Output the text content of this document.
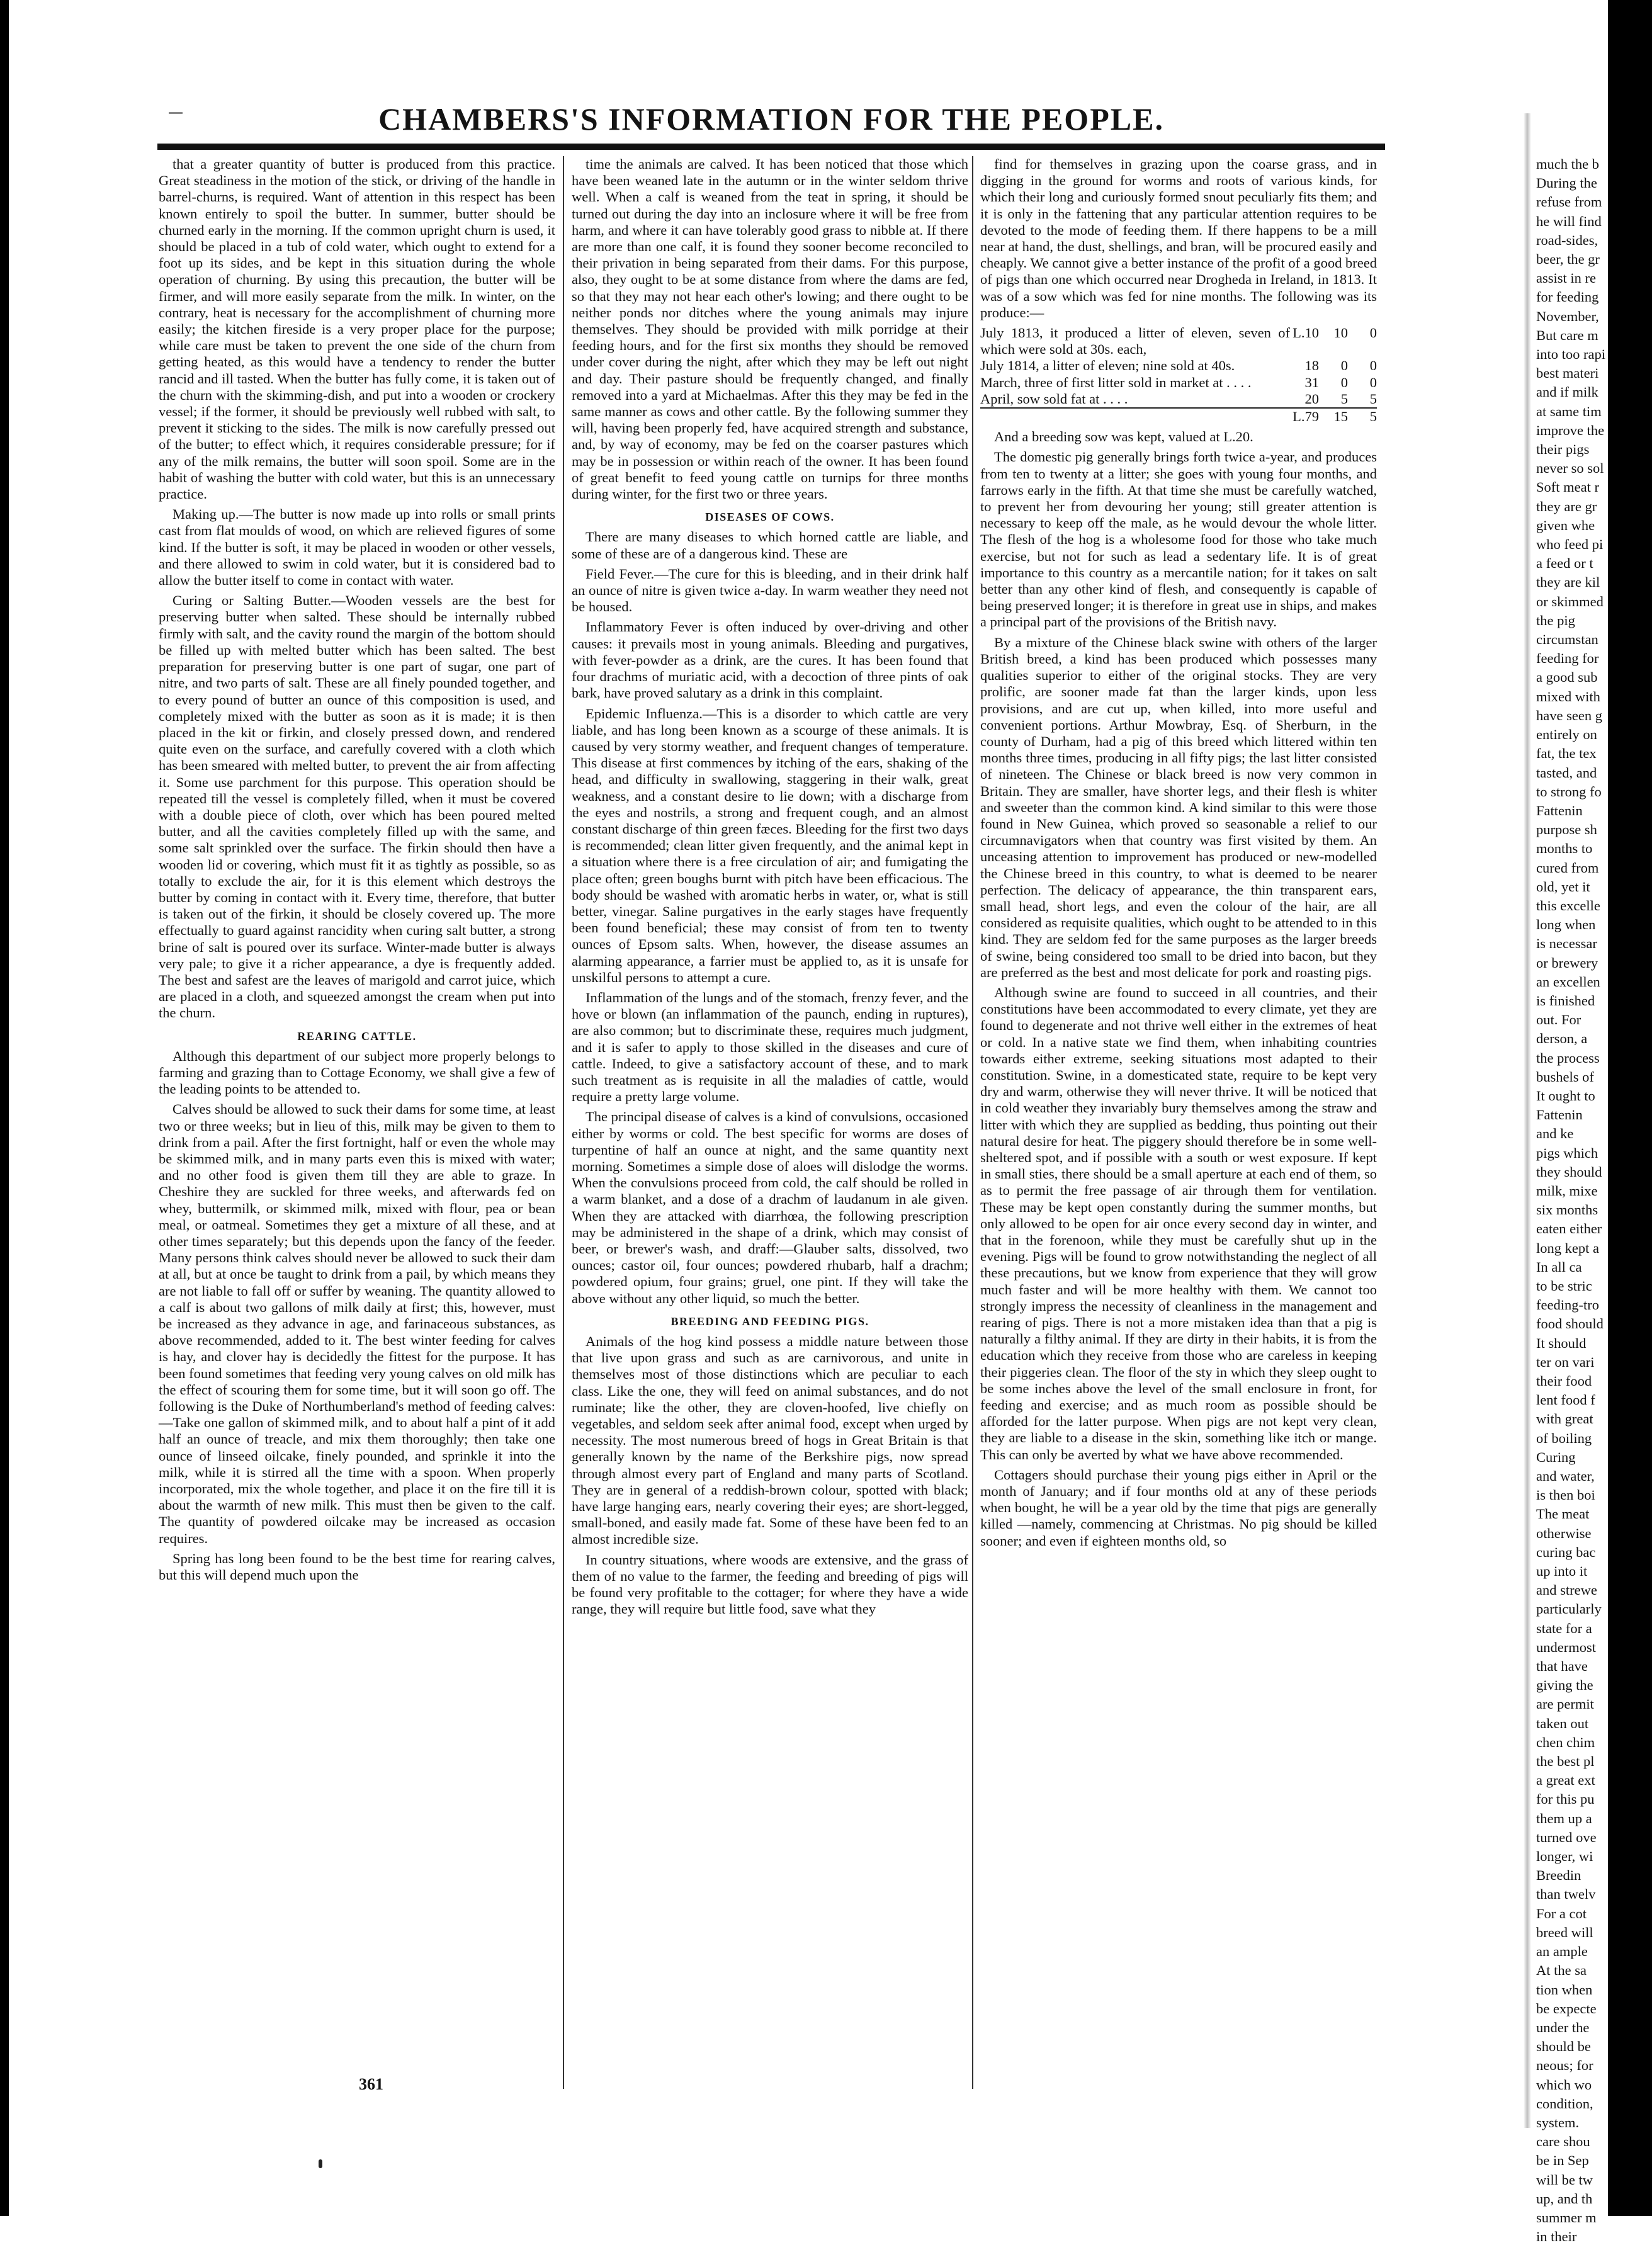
CHAMBERS'S INFORMATION FOR THE PEOPLE.

that a greater quantity of butter is produced from this practice. Great steadiness in the motion of the stick, or driving of the handle in barrel-churns, is required. Want of attention in this respect has been known entirely to spoil the butter. In summer, butter should be churned early in the morning. If the common upright churn is used, it should be placed in a tub of cold water, which ought to extend for a foot up its sides, and be kept in this situation during the whole operation of churning. By using this precaution, the butter will be firmer, and will more easily separate from the milk. In winter, on the contrary, heat is necessary for the accomplishment of churning more easily; the kitchen fireside is a very proper place for the purpose; while care must be taken to prevent the one side of the churn from getting heated, as this would have a tendency to render the butter rancid and ill tasted. When the butter has fully come, it is taken out of the churn with the skimming-dish, and put into a wooden or crockery vessel; if the former, it should be previously well rubbed with salt, to prevent it sticking to the sides. The milk is now carefully pressed out of the butter; to effect which, it requires considerable pressure; for if any of the milk remains, the butter will soon spoil. Some are in the habit of washing the butter with cold water, but this is an unnecessary practice.

Making up.—The butter is now made up into rolls or small prints cast from flat moulds of wood, on which are relieved figures of some kind. If the butter is soft, it may be placed in wooden or other vessels, and there allowed to swim in cold water, but it is considered bad to allow the butter itself to come in contact with water.

Curing or Salting Butter.—Wooden vessels are the best for preserving butter when salted. These should be internally rubbed firmly with salt, and the cavity round the margin of the bottom should be filled up with melted butter which has been salted. The best preparation for preserving butter is one part of sugar, one part of nitre, and two parts of salt. These are all finely pounded together, and to every pound of butter an ounce of this composition is used, and completely mixed with the butter as soon as it is made; it is then placed in the kit or firkin, and closely pressed down, and rendered quite even on the surface, and carefully covered with a cloth which has been smeared with melted butter, to prevent the air from affecting it. Some use parchment for this purpose. This operation should be repeated till the vessel is completely filled, when it must be covered with a double piece of cloth, over which has been poured melted butter, and all the cavities completely filled up with the same, and some salt sprinkled over the surface. The firkin should then have a wooden lid or covering, which must fit it as tightly as possible, so as totally to exclude the air, for it is this element which destroys the butter by coming in contact with it. Every time, therefore, that butter is taken out of the firkin, it should be closely covered up. The more effectually to guard against rancidity when curing salt butter, a strong brine of salt is poured over its surface. Winter-made butter is always very pale; to give it a richer appearance, a dye is frequently added. The best and safest are the leaves of marigold and carrot juice, which are placed in a cloth, and squeezed amongst the cream when put into the churn.

REARING CATTLE.

Although this department of our subject more properly belongs to farming and grazing than to Cottage Economy, we shall give a few of the leading points to be attended to.

Calves should be allowed to suck their dams for some time, at least two or three weeks; but in lieu of this, milk may be given to them to drink from a pail. After the first fortnight, half or even the whole may be skimmed milk, and in many parts even this is mixed with water; and no other food is given them till they are able to graze. In Cheshire they are suckled for three weeks, and afterwards fed on whey, buttermilk, or skimmed milk, mixed with flour, pea or bean meal, or oatmeal. Sometimes they get a mixture of all these, and at other times separately; but this depends upon the fancy of the feeder. Many persons think calves should never be allowed to suck their dam at all, but at once be taught to drink from a pail, by which means they are not liable to fall off or suffer by weaning. The quantity allowed to a calf is about two gallons of milk daily at first; this, however, must be increased as they advance in age, and farinaceous substances, as above recommended, added to it. The best winter feeding for calves is hay, and clover hay is decidedly the fittest for the purpose. It has been found sometimes that feeding very young calves on old milk has the effect of scouring them for some time, but it will soon go off. The following is the Duke of Northumberland's method of feeding calves:—Take one gallon of skimmed milk, and to about half a pint of it add half an ounce of treacle, and mix them thoroughly; then take one ounce of linseed oilcake, finely pounded, and sprinkle it into the milk, while it is stirred all the time with a spoon. When properly incorporated, mix the whole together, and place it on the fire till it is about the warmth of new milk. This must then be given to the calf. The quantity of powdered oilcake may be increased as occasion requires.

Spring has long been found to be the best time for rearing calves, but this will depend much upon the

time the animals are calved. It has been noticed that those which have been weaned late in the autumn or in the winter seldom thrive well. When a calf is weaned from the teat in spring, it should be turned out during the day into an inclosure where it will be free from harm, and where it can have tolerably good grass to nibble at. If there are more than one calf, it is found they sooner become reconciled to their privation in being separated from their dams. For this purpose, also, they ought to be at some distance from where the dams are fed, so that they may not hear each other's lowing; and there ought to be neither ponds nor ditches where the young animals may injure themselves. They should be provided with milk porridge at their feeding hours, and for the first six months they should be removed under cover during the night, after which they may be left out night and day. Their pasture should be frequently changed, and finally removed into a yard at Michaelmas. After this they may be fed in the same manner as cows and other cattle. By the following summer they will, having been properly fed, have acquired strength and substance, and, by way of economy, may be fed on the coarser pastures which may be in possession or within reach of the owner. It has been found of great benefit to feed young cattle on turnips for three months during winter, for the first two or three years.

DISEASES OF COWS.

There are many diseases to which horned cattle are liable, and some of these are of a dangerous kind. These are

Field Fever.—The cure for this is bleeding, and in their drink half an ounce of nitre is given twice a-day. In warm weather they need not be housed.

Inflammatory Fever is often induced by over-driving and other causes: it prevails most in young animals. Bleeding and purgatives, with fever-powder as a drink, are the cures. It has been found that four drachms of muriatic acid, with a decoction of three pints of oak bark, have proved salutary as a drink in this complaint.

Epidemic Influenza.—This is a disorder to which cattle are very liable, and has long been known as a scourge of these animals. It is caused by very stormy weather, and frequent changes of temperature. This disease at first commences by itching of the ears, shaking of the head, and difficulty in swallowing, staggering in their walk, great weakness, and a constant desire to lie down; with a discharge from the eyes and nostrils, a strong and frequent cough, and an almost constant discharge of thin green fæces. Bleeding for the first two days is recommended; clean litter given frequently, and the animal kept in a situation where there is a free circulation of air; and fumigating the place often; green boughs burnt with pitch have been efficacious. The body should be washed with aromatic herbs in water, or, what is still better, vinegar. Saline purgatives in the early stages have frequently been found beneficial; these may consist of from ten to twenty ounces of Epsom salts. When, however, the disease assumes an alarming appearance, a farrier must be applied to, as it is unsafe for unskilful persons to attempt a cure.

Inflammation of the lungs and of the stomach, frenzy fever, and the hove or blown (an inflammation of the paunch, ending in ruptures), are also common; but to discriminate these, requires much judgment, and it is safer to apply to those skilled in the diseases and cure of cattle. Indeed, to give a satisfactory account of these, and to mark such treatment as is requisite in all the maladies of cattle, would require a pretty large volume.

The principal disease of calves is a kind of convulsions, occasioned either by worms or cold. The best specific for worms are doses of turpentine of half an ounce at night, and the same quantity next morning. Sometimes a simple dose of aloes will dislodge the worms. When the convulsions proceed from cold, the calf should be rolled in a warm blanket, and a dose of a drachm of laudanum in ale given. When they are attacked with diarrhœa, the following prescription may be administered in the shape of a drink, which may consist of beer, or brewer's wash, and draff:—Glauber salts, dissolved, two ounces; castor oil, four ounces; powdered rhubarb, half a drachm; powdered opium, four grains; gruel, one pint. If they will take the above without any other liquid, so much the better.

BREEDING AND FEEDING PIGS.

Animals of the hog kind possess a middle nature between those that live upon grass and such as are carnivorous, and unite in themselves most of those distinctions which are peculiar to each class. Like the one, they will feed on animal substances, and do not ruminate; like the other, they are cloven-hoofed, live chiefly on vegetables, and seldom seek after animal food, except when urged by necessity. The most numerous breed of hogs in Great Britain is that generally known by the name of the Berkshire pigs, now spread through almost every part of England and many parts of Scotland. They are in general of a reddish-brown colour, spotted with black; have large hanging ears, nearly covering their eyes; are short-legged, small-boned, and easily made fat. Some of these have been fed to an almost incredible size.

In country situations, where woods are extensive, and the grass of them of no value to the farmer, the feeding and breeding of pigs will be found very profitable to the cottager; for where they have a wide range, they will require but little food, save what they

find for themselves in grazing upon the coarse grass, and in digging in the ground for worms and roots of various kinds, for which their long and curiously formed snout peculiarly fits them; and it is only in the fattening that any particular attention requires to be devoted to the mode of feeding them. If there happens to be a mill near at hand, the dust, shellings, and bran, will be procured easily and cheaply. We cannot give a better instance of the profit of a good breed of pigs than one which occurred near Drogheda in Ireland, in 1813. It was of a sow which was fed for nine months. The following was its produce:—

July 1813, it produced a litter of eleven, seven of which were sold at 30s. each,	L.10	10	0
July 1814, a litter of eleven; nine sold at 40s.	18	0	0
March, three of first litter sold in market at . . . .	31	0	0
April, sow sold fat at . . . .	20	5	5
	L.79	15	5

And a breeding sow was kept, valued at L.20.

The domestic pig generally brings forth twice a-year, and produces from ten to twenty at a litter; she goes with young four months, and farrows early in the fifth. At that time she must be carefully watched, to prevent her from devouring her young; still greater attention is necessary to keep off the male, as he would devour the whole litter. The flesh of the hog is a wholesome food for those who take much exercise, but not for such as lead a sedentary life. It is of great importance to this country as a mercantile nation; for it takes on salt better than any other kind of flesh, and consequently is capable of being preserved longer; it is therefore in great use in ships, and makes a principal part of the provisions of the British navy.

By a mixture of the Chinese black swine with others of the larger British breed, a kind has been produced which possesses many qualities superior to either of the original stocks. They are very prolific, are sooner made fat than the larger kinds, upon less provisions, and are cut up, when killed, into more useful and convenient portions. Arthur Mowbray, Esq. of Sherburn, in the county of Durham, had a pig of this breed which littered within ten months three times, producing in all fifty pigs; the last litter consisted of nineteen. The Chinese or black breed is now very common in Britain. They are smaller, have shorter legs, and their flesh is whiter and sweeter than the common kind. A kind similar to this were those found in New Guinea, which proved so seasonable a relief to our circumnavigators when that country was first visited by them. An unceasing attention to improvement has produced or new-modelled the Chinese breed in this country, to what is deemed to be nearer perfection. The delicacy of appearance, the thin transparent ears, small head, short legs, and even the colour of the hair, are all considered as requisite qualities, which ought to be attended to in this kind. They are seldom fed for the same purposes as the larger breeds of swine, being considered too small to be dried into bacon, but they are preferred as the best and most delicate for pork and roasting pigs.

Although swine are found to succeed in all countries, and their constitutions have been accommodated to every climate, yet they are found to degenerate and not thrive well either in the extremes of heat or cold. In a native state we find them, when inhabiting countries towards either extreme, seeking situations most adapted to their constitution. Swine, in a domesticated state, require to be kept very dry and warm, otherwise they will never thrive. It will be noticed that in cold weather they invariably bury themselves among the straw and litter with which they are supplied as bedding, thus pointing out their natural desire for heat. The piggery should therefore be in some well-sheltered spot, and if possible with a south or west exposure. If kept in small sties, there should be a small aperture at each end of them, so as to permit the free passage of air through them for ventilation. These may be kept open constantly during the summer months, but only allowed to be open for air once every second day in winter, and that in the forenoon, while they must be carefully shut up in the evening. Pigs will be found to grow notwithstanding the neglect of all these precautions, but we know from experience that they will grow much faster and will be more healthy with them. We cannot too strongly impress the necessity of cleanliness in the management and rearing of pigs. There is not a more mistaken idea than that a pig is naturally a filthy animal. If they are dirty in their habits, it is from the education which they receive from those who are careless in keeping their piggeries clean. The floor of the sty in which they sleep ought to be some inches above the level of the small enclosure in front, for feeding and exercise; and as much room as possible should be afforded for the latter purpose. When pigs are not kept very clean, they are liable to a disease in the skin, something like itch or mange. This can only be averted by what we have above recommended.

Cottagers should purchase their young pigs either in April or the month of January; and if four months old at any of these periods when bought, he will be a year old by the time that pigs are generally killed —namely, commencing at Christmas. No pig should be killed sooner; and even if eighteen months old, so

much the b

During the

refuse from

he will find

road-sides,

beer, the gr

assist in re

for feeding

November,

But care m

into too rapi

best materi

and if milk

at same tim

improve the

their pigs

never so sol

Soft meat r

they are gr

given whe

who feed pi

a feed or t

they are kil

or skimmed

the pig

circumstan

feeding for

a good sub

mixed with

have seen g

entirely on

fat, the tex

tasted, and

to strong fo

Fattenin

purpose sh

months to

cured from

old, yet it

this excelle

long when

is necessar

or brewery

an excellen

is finished

out. For

derson, a

the process

bushels of

It ought to

Fattenin

and ke

pigs which

they should

milk, mixe

six months

eaten either

long kept a

In all ca

to be stric

feeding-tro

food should

It should

ter on vari

their food

lent food f

with great

of boiling

Curing

and water,

is then boi

The meat

otherwise

curing bac

up into it

and strewe

particularly

state for a

undermost

that have

giving the

are permit

taken out

chen chim

the best pl

a great ext

for this pu

them up a

turned ove

longer, wi

Breedin

than twelv

For a cot

breed will

an ample

At the sa

tion when

be expecte

under the

should be

neous; for

which wo

condition,

system.

care shou

be in Sep

will be tw

up, and th

summer m

in their

361
